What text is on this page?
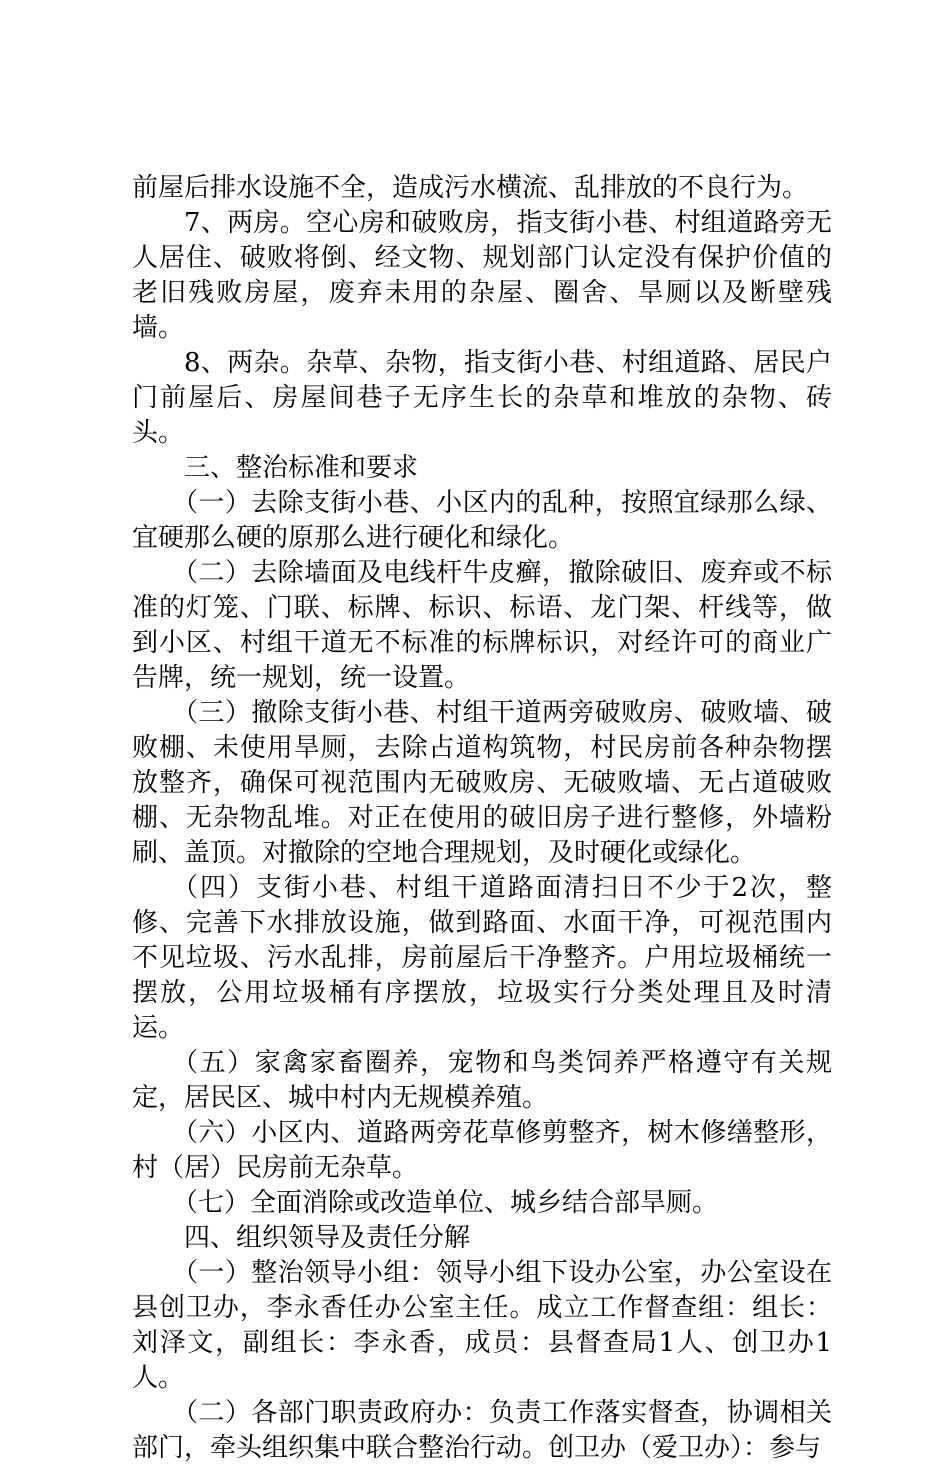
前屋后排水设施不全，造成污水横流、乱排放的不良行为。

7、两房。空心房和破败房，指支街小巷、村组道路旁无人居住、破败将倒、经文物、规划部门认定没有保护价值的老旧残败房屋，废弃未用的杂屋、圈舍、旱厕以及断壁残墙。

8、两杂。杂草、杂物，指支街小巷、村组道路、居民户门前屋后、房屋间巷子无序生长的杂草和堆放的杂物、砖头。

三、整治标准和要求

（一）去除支街小巷、小区内的乱种，按照宜绿那么绿、宜硬那么硬的原那么进行硬化和绿化。

（二）去除墙面及电线杆牛皮癣，撤除破旧、废弃或不标准的灯笼、门联、标牌、标识、标语、龙门架、杆线等，做到小区、村组干道无不标准的标牌标识，对经许可的商业广告牌，统一规划，统一设置。

（三）撤除支街小巷、村组干道两旁破败房、破败墙、破败棚、未使用旱厕，去除占道构筑物，村民房前各种杂物摆放整齐，确保可视范围内无破败房、无破败墙、无占道破败棚、无杂物乱堆。对正在使用的破旧房子进行整修，外墙粉刷、盖顶。对撤除的空地合理规划，及时硬化或绿化。

（四）支街小巷、村组干道路面清扫日不少于2次，整修、完善下水排放设施，做到路面、水面干净，可视范围内不见垃圾、污水乱排，房前屋后干净整齐。户用垃圾桶统一摆放，公用垃圾桶有序摆放，垃圾实行分类处理且及时清运。

（五）家禽家畜圈养，宠物和鸟类饲养严格遵守有关规定，居民区、城中村内无规模养殖。

（六）小区内、道路两旁花草修剪整齐，树木修缮整形，村（居）民房前无杂草。

（七）全面消除或改造单位、城乡结合部旱厕。

四、组织领导及责任分解

（一）整治领导小组：领导小组下设办公室，办公室设在县创卫办，李永香任办公室主任。成立工作督查组：组长：刘泽文，副组长：李永香，成员：县督查局1人、创卫办1人。

（二）各部门职责政府办：负责工作落实督查，协调相关部门，牵头组织集中联合整治行动。创卫办（爱卫办）：参与
